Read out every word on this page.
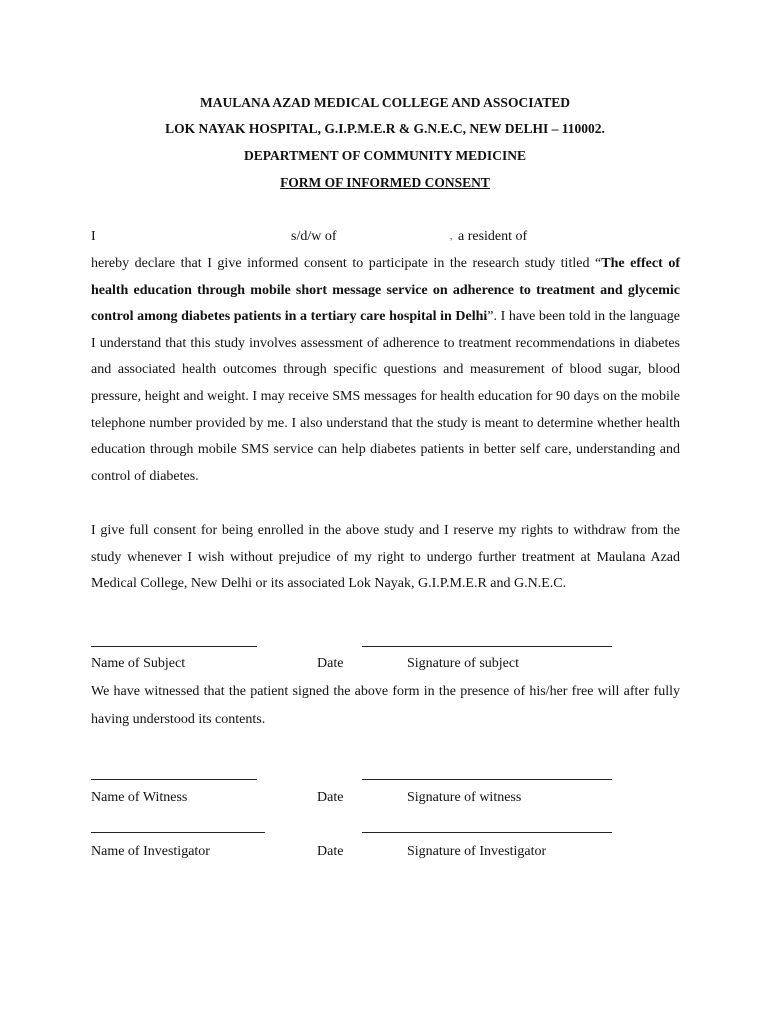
MAULANA AZAD MEDICAL COLLEGE AND ASSOCIATED
LOK NAYAK HOSPITAL, G.I.P.M.E.R & G.N.E.C, NEW DELHI – 110002.
DEPARTMENT OF COMMUNITY MEDICINE
FORM OF INFORMED CONSENT
I	s/d/w of	, a resident of
hereby declare that I give informed consent to participate in the research study titled “The effect of health education through mobile short message service on adherence to treatment and glycemic control among diabetes patients in a tertiary care hospital in Delhi”. I have been told in the language I understand that this study involves assessment of adherence to treatment recommendations in diabetes and associated health outcomes through specific questions and measurement of blood sugar, blood pressure, height and weight. I may receive SMS messages for health education for 90 days on the mobile telephone number provided by me. I also understand that the study is meant to determine whether health education through mobile SMS service can help diabetes patients in better self care, understanding and control of diabetes.
I give full consent for being enrolled in the above study and I reserve my rights to withdraw from the study whenever I wish without prejudice of my right to undergo further treatment at Maulana Azad Medical College, New Delhi or its associated Lok Nayak, G.I.P.M.E.R and G.N.E.C.
Name of Subject	Date	Signature of subject
We have witnessed that the patient signed the above form in the presence of his/her free will after fully having understood its contents.
Name of Witness	Date	Signature of witness
Name of Investigator	Date	Signature of Investigator
